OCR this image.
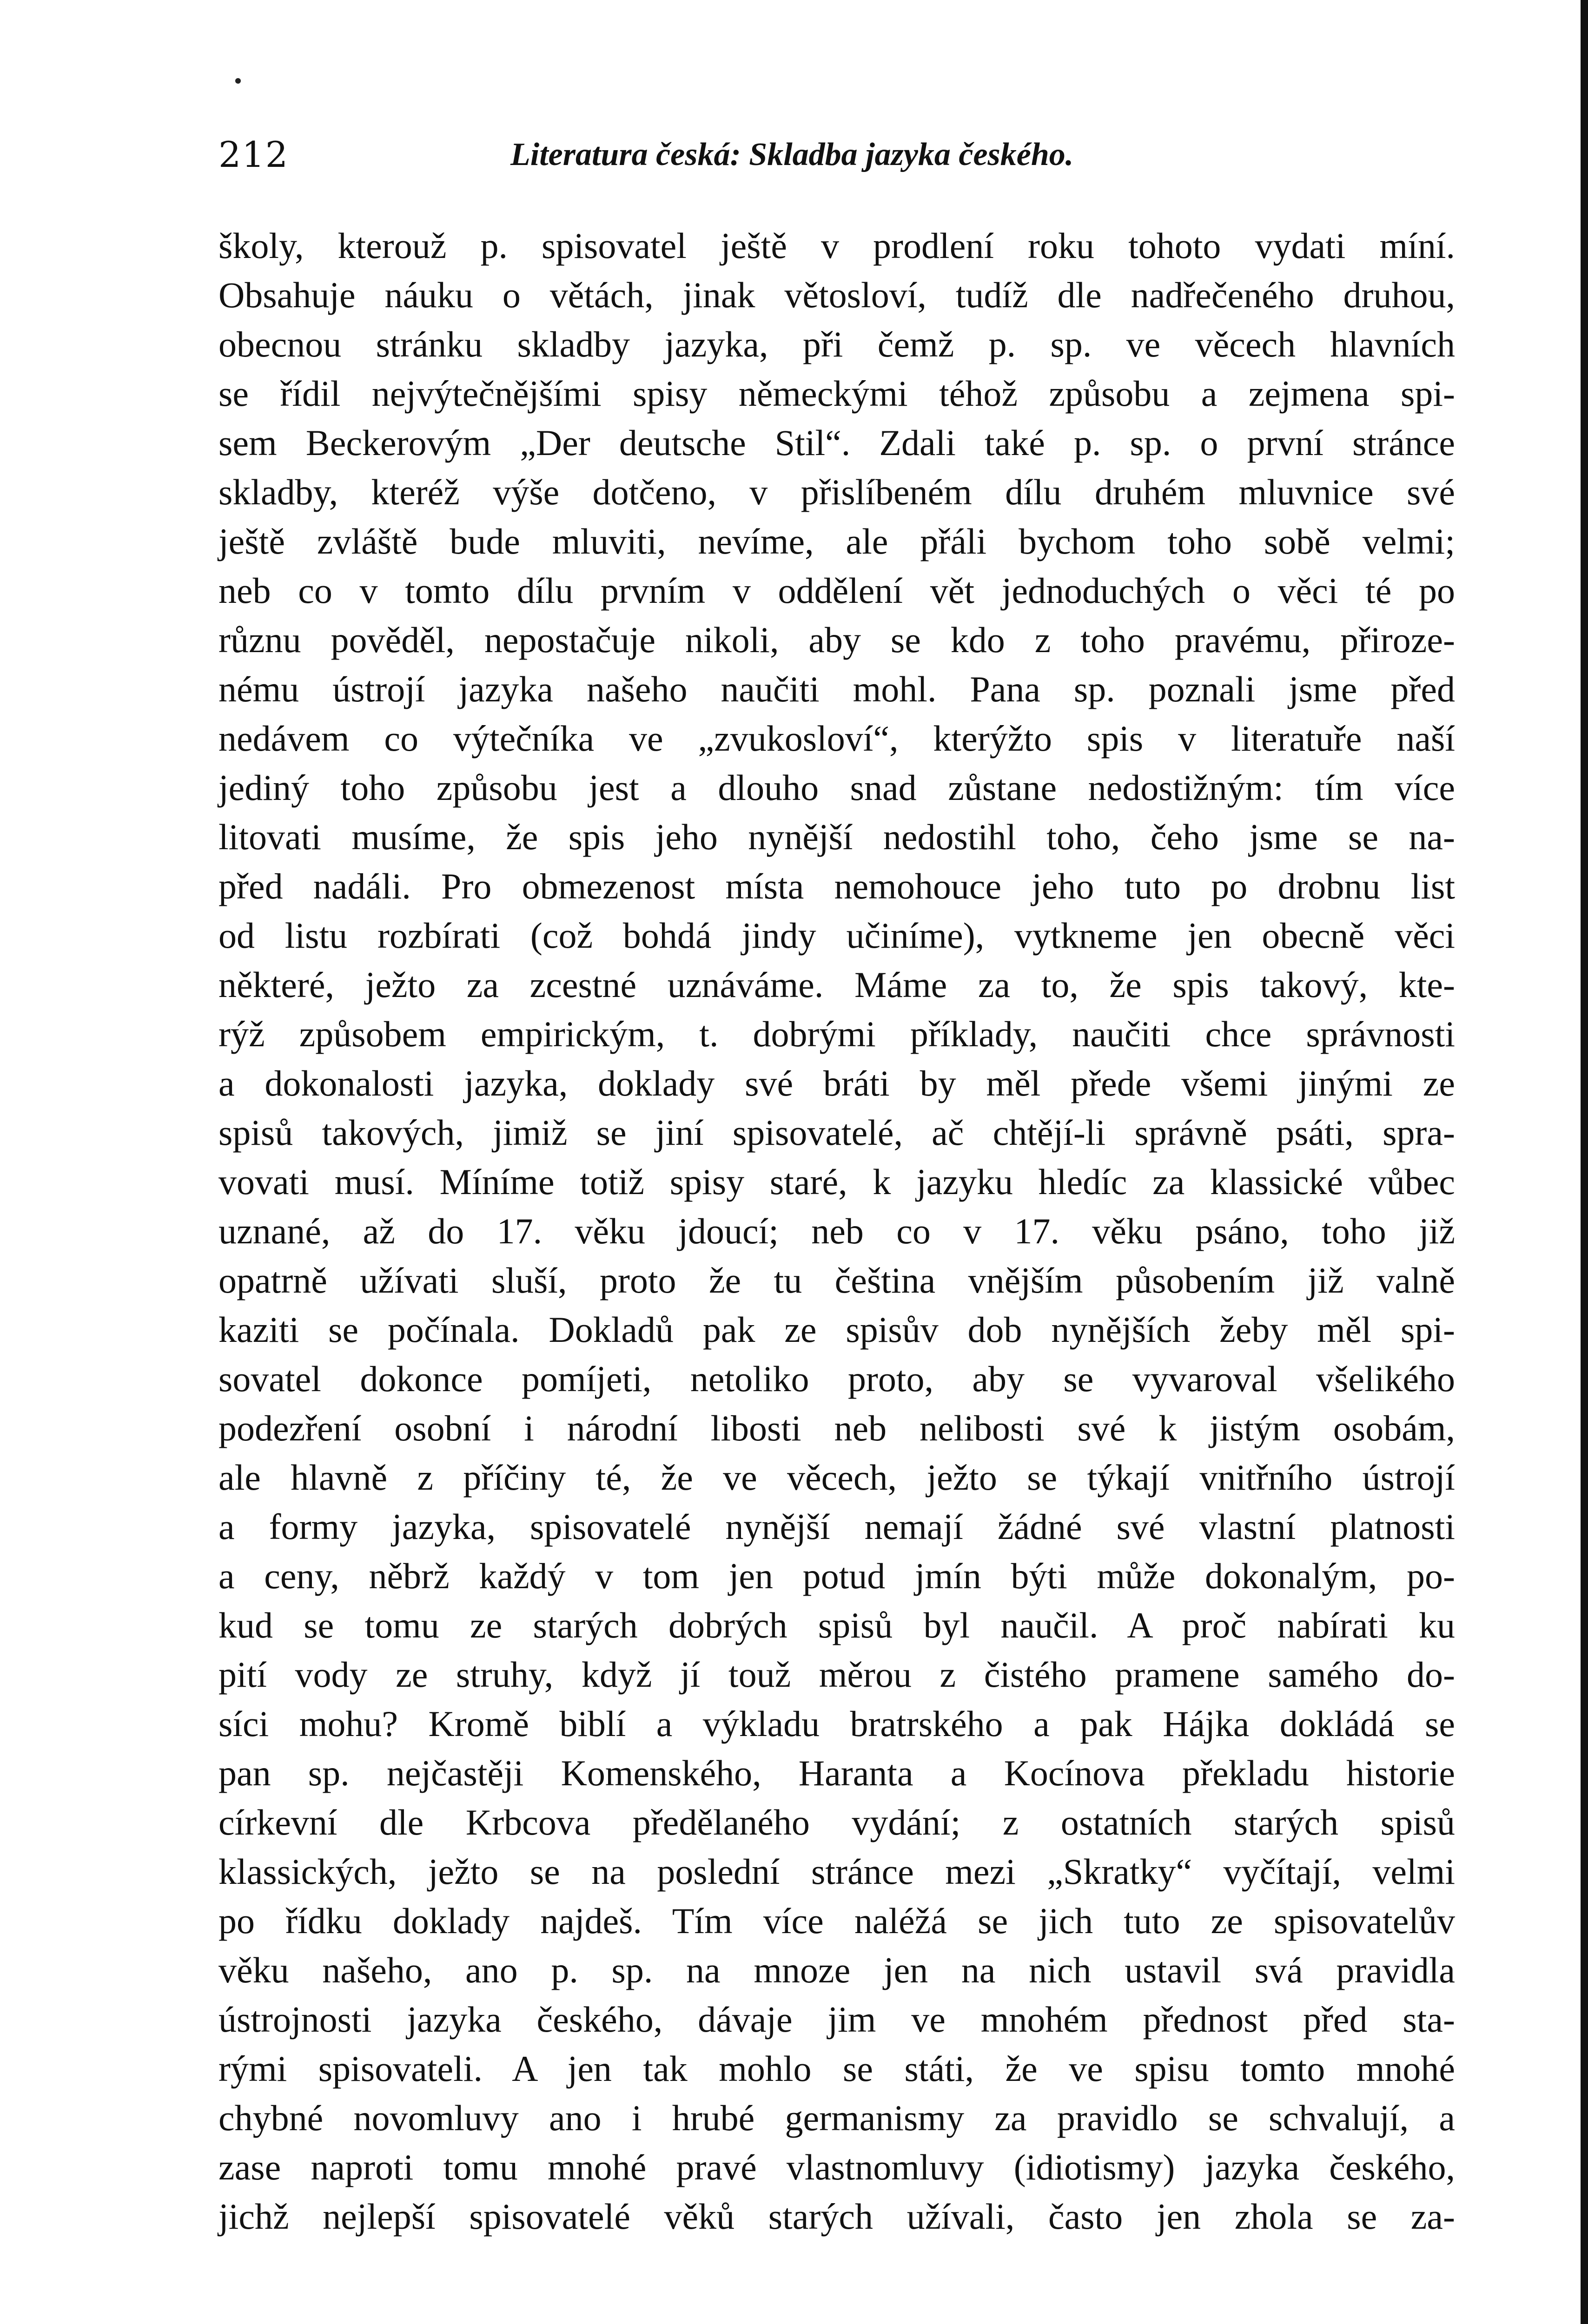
212	Literatura česká: Skladba jazyka českého.
školy, kterouž p. spisovatel ještě v prodlení roku tohoto vydati míní.
Obsahuje náuku o větách, jinak větosloví, tudíž dle nadřečeného druhou,
obecnou stránku skladby jazyka, při čemž p. sp. ve věcech hlavních
se řídil nejvýtečnějšími spisy německými téhož způsobu a zejmena spi-
sem Beckerovým „Der deutsche Stil“. Zdali také p. sp. o první stránce
skladby, kteréž výše dotčeno, v přislíbeném dílu druhém mluvnice své
ještě zvláště bude mluviti, nevíme, ale přáli bychom toho sobě velmi;
neb co v tomto dílu prvním v oddělení vět jednoduchých o věci té po
různu pověděl, nepostačuje nikoli, aby se kdo z toho pravému, přiroze-
nému ústrojí jazyka našeho naučiti mohl. Pana sp. poznali jsme před
nedávem co výtečníka ve „zvukosloví“, kterýžto spis v literatuře naší
jediný toho způsobu jest a dlouho snad zůstane nedostižným: tím více
litovati musíme, že spis jeho nynější nedostihl toho, čeho jsme se na-
před nadáli. Pro obmezenost místa nemohouce jeho tuto po drobnu list
od listu rozbírati (což bohdá jindy učiníme), vytkneme jen obecně věci
některé, ježto za zcestné uznáváme. Máme za to, že spis takový, kte-
rýž způsobem empirickým, t. dobrými příklady, naučiti chce správnosti
a dokonalosti jazyka, doklady své bráti by měl přede všemi jinými ze
spisů takových, jimiž se jiní spisovatelé, ač chtějí-li správně psáti, spra-
vovati musí. Míníme totiž spisy staré, k jazyku hledíc za klassické vůbec
uznané, až do 17. věku jdoucí; neb co v 17. věku psáno, toho již
opatrně užívati sluší, proto že tu čeština vnějším působením již valně
kaziti se počínala. Dokladů pak ze spisův dob nynějších žeby měl spi-
sovatel dokonce pomíjeti, netoliko proto, aby se vyvaroval všelikého
podezření osobní i národní libosti neb nelibosti své k jistým osobám,
ale hlavně z příčiny té, že ve věcech, ježto se týkají vnitřního ústrojí
a formy jazyka, spisovatelé nynější nemají žádné své vlastní platnosti
a ceny, něbrž každý v tom jen potud jmín býti může dokonalým, po-
kud se tomu ze starých dobrých spisů byl naučil. A proč nabírati ku
pití vody ze struhy, když jí touž měrou z čistého pramene samého do-
síci mohu? Kromě biblí a výkladu bratrského a pak Hájka dokládá se
pan sp. nejčastěji Komenského, Haranta a Kocínova překladu historie
církevní dle Krbcova předělaného vydání; z ostatních starých spisů
klassických, ježto se na poslední stránce mezi „Skratky“ vyčítají, velmi
po řídku doklady najdeš. Tím více naléžá se jich tuto ze spisovatelův
věku našeho, ano p. sp. na mnoze jen na nich ustavil svá pravidla
ústrojnosti jazyka českého, dávaje jim ve mnohém přednost před sta-
rými spisovateli. A jen tak mohlo se státi, že ve spisu tomto mnohé
chybné novomluvy ano i hrubé germanismy za pravidlo se schvalují, a
zase naproti tomu mnohé pravé vlastnomluvy (idiotismy) jazyka českého,
jichž nejlepší spisovatelé věků starých užívali, často jen zhola se za-
